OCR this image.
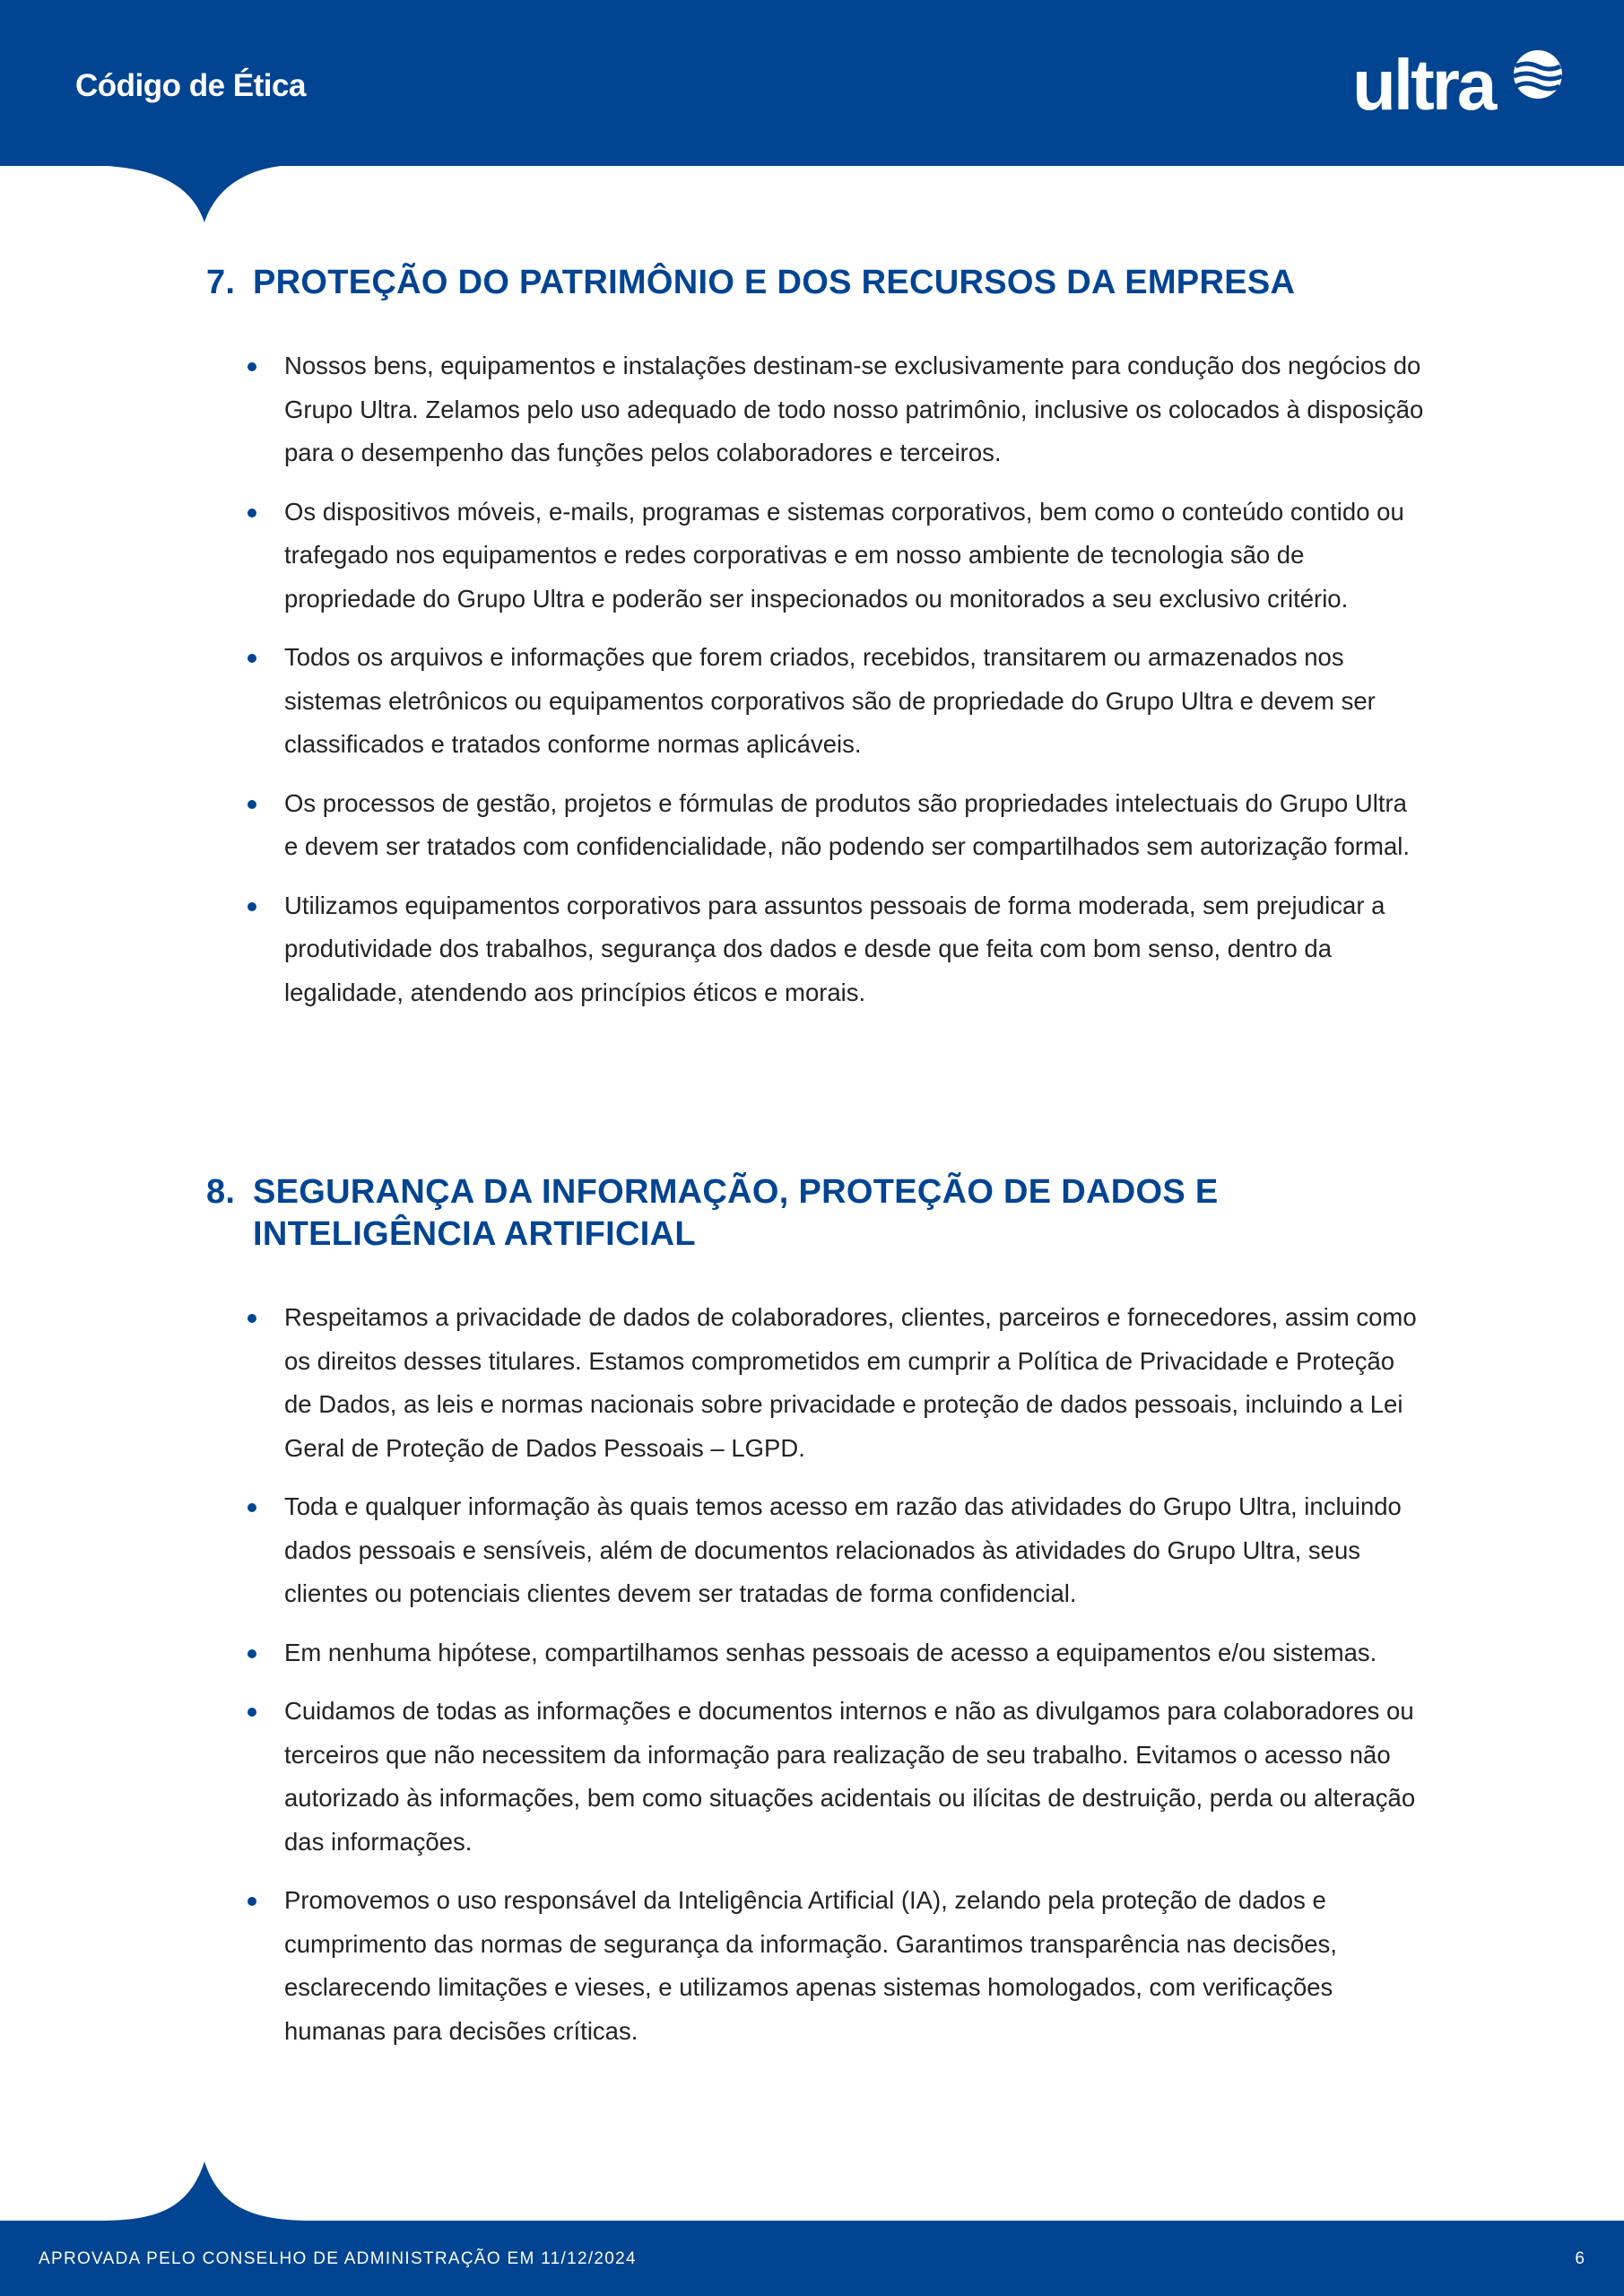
Código de Ética	ultra
7. PROTEÇÃO DO PATRIMÔNIO E DOS RECURSOS DA EMPRESA
Nossos bens, equipamentos e instalações destinam-se exclusivamente para condução dos negócios do Grupo Ultra. Zelamos pelo uso adequado de todo nosso patrimônio, inclusive os colocados à disposição para o desempenho das funções pelos colaboradores e terceiros.
Os dispositivos móveis, e-mails, programas e sistemas corporativos, bem como o conteúdo contido ou trafegado nos equipamentos e redes corporativas e em nosso ambiente de tecnologia são de propriedade do Grupo Ultra e poderão ser inspecionados ou monitorados a seu exclusivo critério.
Todos os arquivos e informações que forem criados, recebidos, transitarem ou armazenados nos sistemas eletrônicos ou equipamentos corporativos são de propriedade do Grupo Ultra e devem ser classificados e tratados conforme normas aplicáveis.
Os processos de gestão, projetos e fórmulas de produtos são propriedades intelectuais do Grupo Ultra e devem ser tratados com confidencialidade, não podendo ser compartilhados sem autorização formal.
Utilizamos equipamentos corporativos para assuntos pessoais de forma moderada, sem prejudicar a produtividade dos trabalhos, segurança dos dados e desde que feita com bom senso, dentro da legalidade, atendendo aos princípios éticos e morais.
8. SEGURANÇA DA INFORMAÇÃO, PROTEÇÃO DE DADOS E INTELIGÊNCIA ARTIFICIAL
Respeitamos a privacidade de dados de colaboradores, clientes, parceiros e fornecedores, assim como os direitos desses titulares. Estamos comprometidos em cumprir a Política de Privacidade e Proteção de Dados, as leis e normas nacionais sobre privacidade e proteção de dados pessoais, incluindo a Lei Geral de Proteção de Dados Pessoais – LGPD.
Toda e qualquer informação às quais temos acesso em razão das atividades do Grupo Ultra, incluindo dados pessoais e sensíveis, além de documentos relacionados às atividades do Grupo Ultra, seus clientes ou potenciais clientes devem ser tratadas de forma confidencial.
Em nenhuma hipótese, compartilhamos senhas pessoais de acesso a equipamentos e/ou sistemas.
Cuidamos de todas as informações e documentos internos e não as divulgamos para colaboradores ou terceiros que não necessitem da informação para realização de seu trabalho. Evitamos o acesso não autorizado às informações, bem como situações acidentais ou ilícitas de destruição, perda ou alteração das informações.
Promovemos o uso responsável da Inteligência Artificial (IA), zelando pela proteção de dados e cumprimento das normas de segurança da informação. Garantimos transparência nas decisões, esclarecendo limitações e vieses, e utilizamos apenas sistemas homologados, com verificações humanas para decisões críticas.
APROVADA PELO CONSELHO DE ADMINISTRAÇÃO EM 11/12/2024	6
